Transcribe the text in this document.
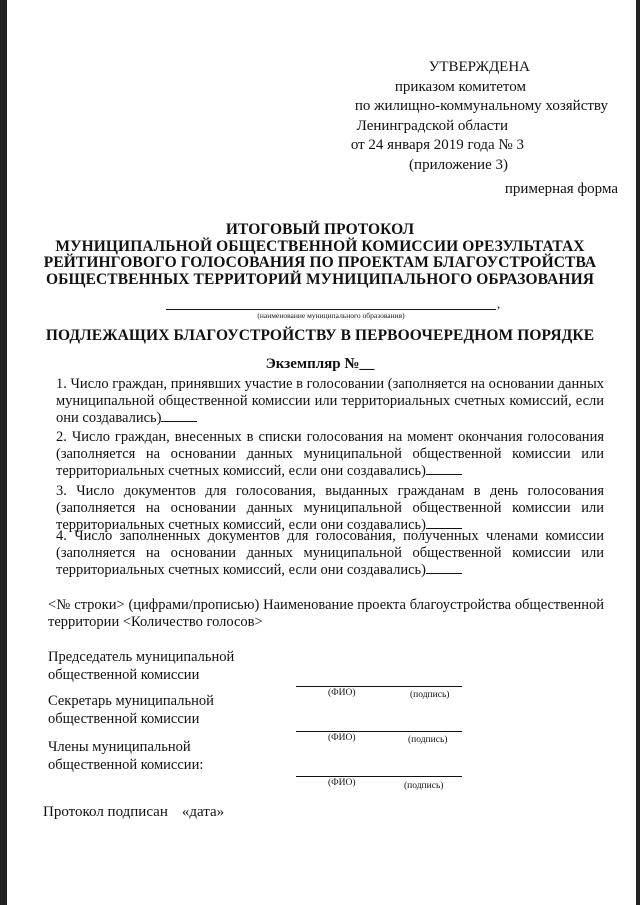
УТВЕРЖДЕНА
приказом комитетом
по жилищно-коммунальному хозяйству
Ленинградской области
от 24 января 2019 года № 3
(приложение 3)
примерная форма
ИТОГОВЫЙ ПРОТОКОЛ
МУНИЦИПАЛЬНОЙ ОБЩЕСТВЕННОЙ КОМИССИИ ОРЕЗУЛЬТАТАХ
РЕЙТИНГОВОГО ГОЛОСОВАНИЯ ПО ПРОЕКТАМ БЛАГОУСТРОЙСТВА
ОБЩЕСТВЕННЫХ ТЕРРИТОРИЙ МУНИЦИПАЛЬНОГО ОБРАЗОВАНИЯ
,
(наименование муниципального образования)
ПОДЛЕЖАЩИХ БЛАГОУСТРОЙСТВУ В ПЕРВООЧЕРЕДНОМ ПОРЯДКЕ
Экземпляр №__
1. Число граждан, принявших участие в голосовании (заполняется на основании данных муниципальной общественной комиссии или территориальных счетных комиссий, если они создавались)
2. Число граждан, внесенных в списки голосования на момент окончания голосования (заполняется на основании данных муниципальной общественной комиссии или территориальных счетных комиссий, если они создавались)
3. Число документов для голосования, выданных гражданам в день голосования (заполняется на основании данных муниципальной общественной комиссии или территориальных счетных комиссий, если они создавались)
4. Число заполненных документов для голосования, полученных членами комиссии (заполняется на основании данных муниципальной общественной комиссии или территориальных счетных комиссий, если они создавались)
<№ строки> (цифрами/прописью) Наименование проекта благоустройства общественной территории <Количество голосов>
Председатель муниципальной
общественной комиссии
(ФИО)	(подпись)
Секретарь муниципальной
общественной комиссии
(ФИО)	(подпись)
Члены муниципальной
общественной комиссии:
(ФИО)	(подпись)
Протокол подписан «дата»
